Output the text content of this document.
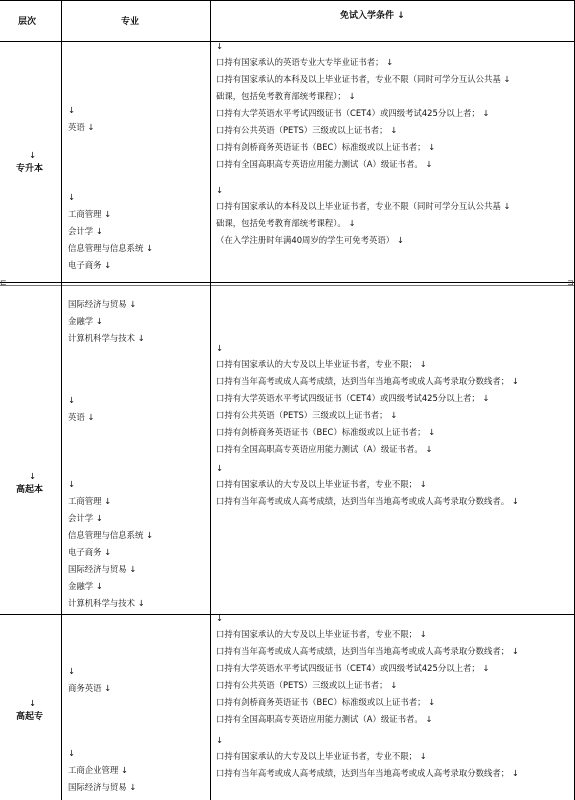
⊏	⊐
层次	专业
免试入学条件 ↓
↓
专升本
↓
高起本
↓
高起专
↓
英语 ↓
↓
工商管理 ↓
会计学 ↓
信息管理与信息系统 ↓
电子商务 ↓
国际经济与贸易 ↓
金融学 ↓
计算机科学与技术 ↓
↓
英语 ↓
↓
工商管理 ↓
会计学 ↓
信息管理与信息系统 ↓
电子商务 ↓
国际经济与贸易 ↓
金融学 ↓
计算机科学与技术 ↓
↓
商务英语 ↓
↓
工商企业管理 ↓
国际经济与贸易 ↓
↓
口持有国家承认的英语专业大专毕业证书者； ↓
口持有国家承认的本科及以上毕业证书者，专业不限（同时可学分互认公共基 ↓
础课，包括免考教育部统考课程）； ↓
口持有大学英语水平考试四级证书（CET4）或四级考试425分以上者； ↓
口持有公共英语（PETS）三级或以上证书者； ↓
口持有剑桥商务英语证书（BEC）标准级或以上证书者； ↓
口持有全国高职高专英语应用能力测试（A）级证书者。 ↓
↓
口持有国家承认的本科及以上毕业证书者，专业不限（同时可学分互认公共基 ↓
础课，包括免考教育部统考课程）。 ↓
（在入学注册时年满40周岁的学生可免考英语） ↓
↓
口持有国家承认的大专及以上毕业证书者，专业不限； ↓
口持有当年高考或成人高考成绩，达到当年当地高考或成人高考录取分数线者； ↓
口持有大学英语水平考试四级证书（CET4）或四级考试425分以上者； ↓
口持有公共英语（PETS）三级或以上证书者； ↓
口持有剑桥商务英语证书（BEC）标准级或以上证书者； ↓
口持有全国高职高专英语应用能力测试（A）级证书者。 ↓
↓
口持有国家承认的大专及以上毕业证书者，专业不限； ↓
口持有当年高考或成人高考成绩，达到当年当地高考或成人高考录取分数线者。 ↓
↓
口持有国家承认的大专及以上毕业证书者，专业不限； ↓
口持有当年高考或成人高考成绩，达到当年当地高考或成人高考录取分数线者； ↓
口持有大学英语水平考试四级证书（CET4）或四级考试425分以上者； ↓
口持有公共英语（PETS）三级或以上证书者； ↓
口持有剑桥商务英语证书（BEC）标准级或以上证书者； ↓
口持有全国高职高专英语应用能力测试（A）级证书者。 ↓
↓
口持有国家承认的大专及以上毕业证书者，专业不限； ↓
口持有当年高考或成人高考成绩，达到当年当地高考或成人高考录取分数线者； ↓
